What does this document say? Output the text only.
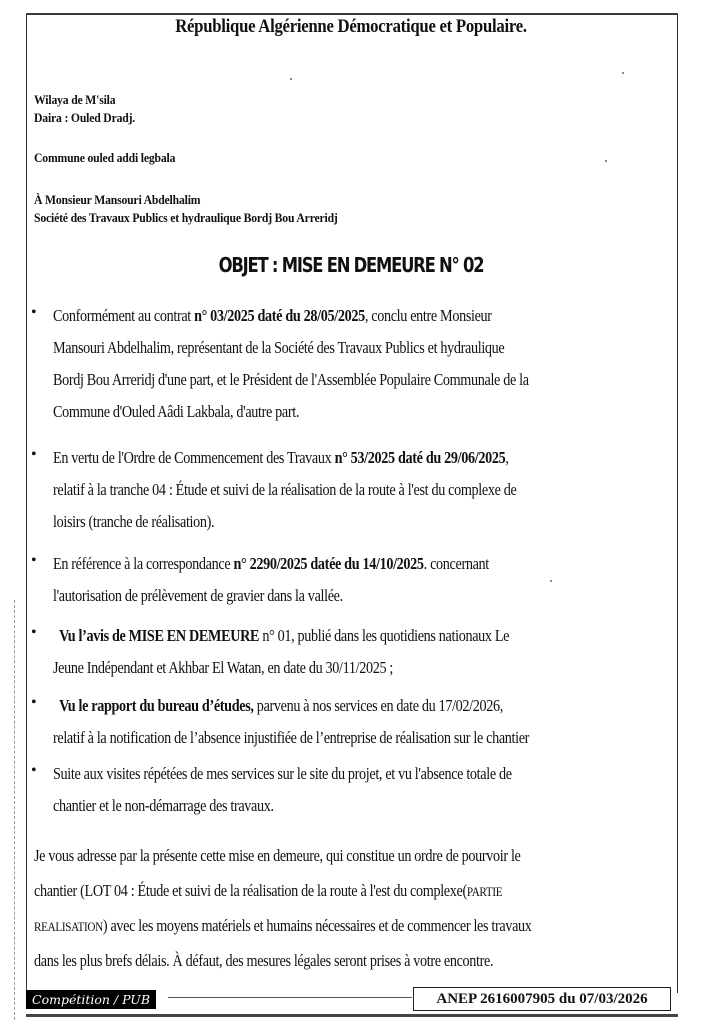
République Algérienne Démocratique et Populaire.
Wilaya de M'sila
Daira : Ouled Dradj.
Commune ouled addi legbala
À Monsieur Mansouri Abdelhalim
Société des Travaux Publics et hydraulique Bordj Bou Arreridj
OBJET : MISE EN DEMEURE N° 02
• Conformément au contrat n° 03/2025 daté du 28/05/2025, conclu entre Monsieur
Mansouri Abdelhalim, représentant de la Société des Travaux Publics et hydraulique
Bordj Bou Arreridj d'une part, et le Président de l'Assemblée Populaire Communale de la
Commune d'Ouled Aâdi Lakbala, d'autre part.
• En vertu de l'Ordre de Commencement des Travaux n° 53/2025 daté du 29/06/2025,
relatif à la tranche 04 : Étude et suivi de la réalisation de la route à l'est du complexe de
loisirs (tranche de réalisation).
• En référence à la correspondance n° 2290/2025 datée du 14/10/2025. concernant
l'autorisation de prélèvement de gravier dans la vallée.
• Vu l’avis de MISE EN DEMEURE n° 01, publié dans les quotidiens nationaux Le
Jeune Indépendant et Akhbar El Watan, en date du 30/11/2025 ;
• Vu le rapport du bureau d’études, parvenu à nos services en date du 17/02/2026,
relatif à la notification de l’absence injustifiée de l’entreprise de réalisation sur le chantier
• Suite aux visites répétées de mes services sur le site du projet, et vu l'absence totale de
chantier et le non-démarrage des travaux.
Je vous adresse par la présente cette mise en demeure, qui constitue un ordre de pourvoir le
chantier (LOT 04 : Étude et suivi de la réalisation de la route à l'est du complexe(PARTIE
REALISATION) avec les moyens matériels et humains nécessaires et de commencer les travaux
dans les plus brefs délais. À défaut, des mesures légales seront prises à votre encontre.
Compétition / PUB	ANEP 2616007905 du 07/03/2026
